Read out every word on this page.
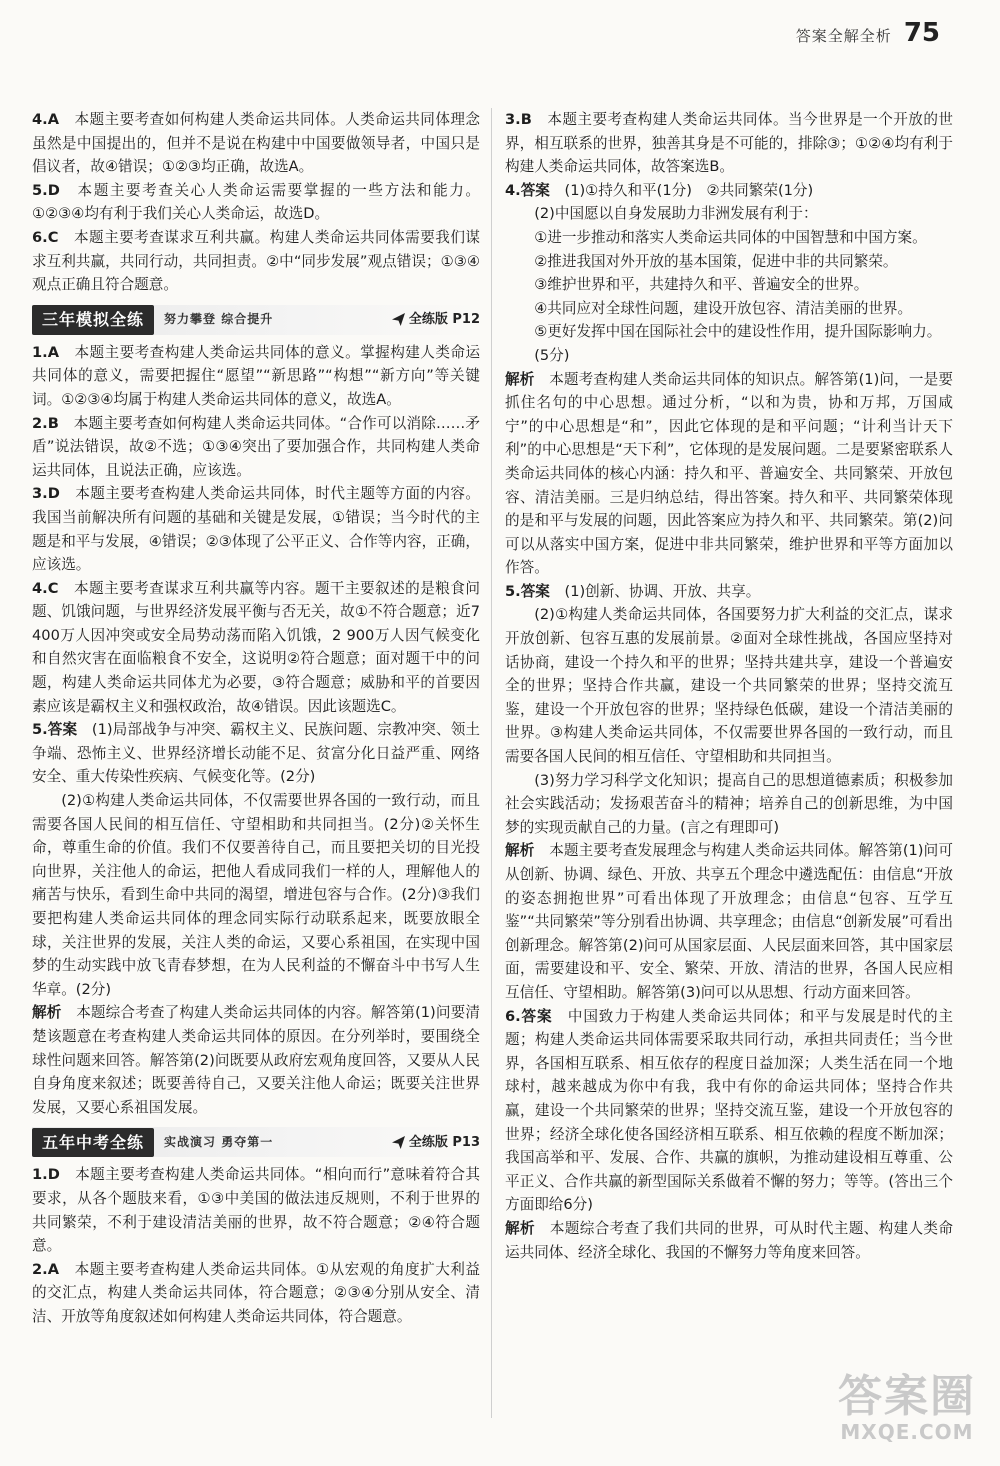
答案全解全析 75

4.A　 本题主要考查如何构建人类命运共同体。人类命运共同体理念虽然是中国提出的，但并不是说在构建中中国要做领导者，中国只是倡议者，故④错误；①②③均正确，故选A。

5.D　 本题主要考查关心人类命运需要掌握的一些方法和能力。①②③④均有利于我们关心人类命运，故选D。

6.C　 本题主要考查谋求互利共赢。构建人类命运共同体需要我们谋求互利共赢，共同行动，共同担责。②中“同步发展”观点错误；①③④观点正确且符合题意。

三年模拟全练	努力攀登 综合提升	全练版 P12

1.A　 本题主要考查构建人类命运共同体的意义。掌握构建人类命运共同体的意义，需要把握住“愿望”“新思路”“构想”“新方向”等关键词。①②③④均属于构建人类命运共同体的意义，故选A。

2.B　 本题主要考查如何构建人类命运共同体。“合作可以消除……矛盾”说法错误，故②不选；①③④突出了要加强合作，共同构建人类命运共同体，且说法正确，应该选。

3.D　 本题主要考查构建人类命运共同体，时代主题等方面的内容。我国当前解决所有问题的基础和关键是发展，①错误；当今时代的主题是和平与发展，④错误；②③体现了公平正义、合作等内容，正确，应该选。

4.C　 本题主要考查谋求互利共赢等内容。题干主要叙述的是粮食问题、饥饿问题，与世界经济发展平衡与否无关，故①不符合题意；近7 400万人因冲突或安全局势动荡而陷入饥饿，2 900万人因气候变化和自然灾害在面临粮食不安全，这说明②符合题意；面对题干中的问题，构建人类命运共同体尤为必要，③符合题意；威胁和平的首要因素应该是霸权主义和强权政治，故④错误。因此该题选C。

5.答案　 (1)局部战争与冲突、霸权主义、民族问题、宗教冲突、领土争端、恐怖主义、世界经济增长动能不足、贫富分化日益严重、网络安全、重大传染性疾病、气候变化等。(2分)

(2)①构建人类命运共同体，不仅需要世界各国的一致行动，而且需要各国人民间的相互信任、守望相助和共同担当。(2分)②关怀生命，尊重生命的价值。我们不仅要善待自己，而且要把关切的目光投向世界，关注他人的命运，把他人看成同我们一样的人，理解他人的痛苦与快乐，看到生命中共同的渴望，增进包容与合作。(2分)③我们要把构建人类命运共同体的理念同实际行动联系起来，既要放眼全球，关注世界的发展，关注人类的命运，又要心系祖国，在实现中国梦的生动实践中放飞青春梦想，在为人民利益的不懈奋斗中书写人生华章。(2分)

解析　 本题综合考查了构建人类命运共同体的内容。解答第(1)问要清楚该题意在考查构建人类命运共同体的原因。在分列举时，要围绕全球性问题来回答。解答第(2)问既要从政府宏观角度回答，又要从人民自身角度来叙述；既要善待自己，又要关注他人命运；既要关注世界发展，又要心系祖国发展。

五年中考全练	实战演习 勇夺第一	全练版 P13

1.D　 本题主要考查构建人类命运共同体。“相向而行”意味着符合其要求，从各个题肢来看，①③中美国的做法违反规则，不利于世界的共同繁荣，不利于建设清洁美丽的世界，故不符合题意；②④符合题意。

2.A　 本题主要考查构建人类命运共同体。①从宏观的角度扩大利益的交汇点，构建人类命运共同体，符合题意；②③④分别从安全、清洁、开放等角度叙述如何构建人类命运共同体，符合题意。

3.B　 本题主要考查构建人类命运共同体。当今世界是一个开放的世界，相互联系的世界，独善其身是不可能的，排除③；①②④均有利于构建人类命运共同体，故答案选B。

4.答案　 (1)①持久和平(1分)　②共同繁荣(1分)

(2)中国愿以自身发展助力非洲发展有利于：

①进一步推动和落实人类命运共同体的中国智慧和中国方案。

②推进我国对外开放的基本国策，促进中非的共同繁荣。

③维护世界和平，共建持久和平、普遍安全的世界。

④共同应对全球性问题，建设开放包容、清洁美丽的世界。

⑤更好发挥中国在国际社会中的建设性作用，提升国际影响力。

(5分)

解析　 本题考查构建人类命运共同体的知识点。解答第(1)问，一是要抓住名句的中心思想。通过分析，“以和为贵，协和万邦，万国咸宁”的中心思想是“和”，因此它体现的是和平问题；“计利当计天下利”的中心思想是“天下利”，它体现的是发展问题。二是要紧密联系人类命运共同体的核心内涵：持久和平、普遍安全、共同繁荣、开放包容、清洁美丽。三是归纳总结，得出答案。持久和平、共同繁荣体现的是和平与发展的问题，因此答案应为持久和平、共同繁荣。第(2)问可以从落实中国方案，促进中非共同繁荣，维护世界和平等方面加以作答。

5.答案　 (1)创新、协调、开放、共享。

(2)①构建人类命运共同体，各国要努力扩大利益的交汇点，谋求开放创新、包容互惠的发展前景。②面对全球性挑战，各国应坚持对话协商，建设一个持久和平的世界；坚持共建共享，建设一个普遍安全的世界；坚持合作共赢，建设一个共同繁荣的世界；坚持交流互鉴，建设一个开放包容的世界；坚持绿色低碳，建设一个清洁美丽的世界。③构建人类命运共同体，不仅需要世界各国的一致行动，而且需要各国人民间的相互信任、守望相助和共同担当。

(3)努力学习科学文化知识；提高自己的思想道德素质；积极参加社会实践活动；发扬艰苦奋斗的精神；培养自己的创新思维，为中国梦的实现贡献自己的力量。(言之有理即可)

解析　 本题主要考查发展理念与构建人类命运共同体。解答第(1)问可从创新、协调、绿色、开放、共享五个理念中遴选配伍：由信息“开放的姿态拥抱世界”可看出体现了开放理念；由信息“包容、互学互鉴”“共同繁荣”等分别看出协调、共享理念；由信息“创新发展”可看出创新理念。解答第(2)问可从国家层面、人民层面来回答，其中国家层面，需要建设和平、安全、繁荣、开放、清洁的世界，各国人民应相互信任、守望相助。解答第(3)问可以从思想、行动方面来回答。

6.答案　 中国致力于构建人类命运共同体；和平与发展是时代的主题；构建人类命运共同体需要采取共同行动，承担共同责任；当今世界，各国相互联系、相互依存的程度日益加深；人类生活在同一个地球村，越来越成为你中有我，我中有你的命运共同体；坚持合作共赢，建设一个共同繁荣的世界；坚持交流互鉴，建设一个开放包容的世界；经济全球化使各国经济相互联系、相互依赖的程度不断加深；我国高举和平、发展、合作、共赢的旗帜，为推动建设相互尊重、公平正义、合作共赢的新型国际关系做着不懈的努力；等等。(答出三个方面即给6分)

解析　 本题综合考查了我们共同的世界，可从时代主题、构建人类命运共同体、经济全球化、我国的不懈努力等角度来回答。

答案圈
MXQE.COM
